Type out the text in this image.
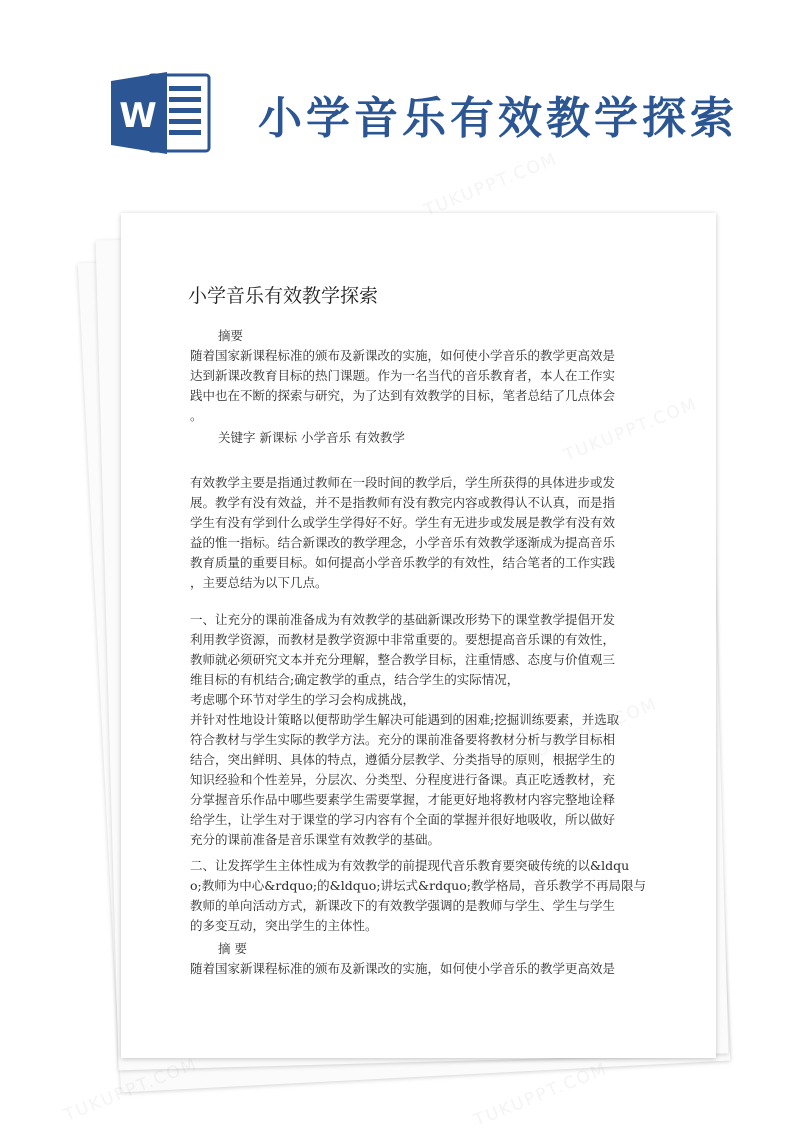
W 小学音乐有效教学探索
小学音乐有效教学探索
摘要
随着国家新课程标准的颁布及新课改的实施，如何使小学音乐的教学更高效是
达到新课改教育目标的热门课题。作为一名当代的音乐教育者，本人在工作实
践中也在不断的探索与研究，为了达到有效教学的目标，笔者总结了几点体会
。
关键字 新课标 小学音乐 有效教学
有效教学主要是指通过教师在一段时间的教学后，学生所获得的具体进步或发
展。教学有没有效益，并不是指教师有没有教完内容或教得认不认真，而是指
学生有没有学到什么或学生学得好不好。学生有无进步或发展是教学有没有效
益的惟一指标。结合新课改的教学理念，小学音乐有效教学逐渐成为提高音乐
教育质量的重要目标。如何提高小学音乐教学的有效性，结合笔者的工作实践
，主要总结为以下几点。
一、让充分的课前准备成为有效教学的基础新课改形势下的课堂教学提倡开发
利用教学资源，而教材是教学资源中非常重要的。要想提高音乐课的有效性，
教师就必须研究文本并充分理解，整合教学目标，注重情感、态度与价值观三
维目标的有机结合;确定教学的重点，结合学生的实际情况，
考虑哪个环节对学生的学习会构成挑战，
并针对性地设计策略以便帮助学生解决可能遇到的困难;挖掘训练要素，并选取
符合教材与学生实际的教学方法。充分的课前准备要将教材分析与教学目标相
结合，突出鲜明、具体的特点，遵循分层教学、分类指导的原则，根据学生的
知识经验和个性差异，分层次、分类型、分程度进行备课。真正吃透教材，充
分掌握音乐作品中哪些要素学生需要掌握，才能更好地将教材内容完整地诠释
给学生，让学生对于课堂的学习内容有个全面的掌握并很好地吸收，所以做好
充分的课前准备是音乐课堂有效教学的基础。
二、让发挥学生主体性成为有效教学的前提现代音乐教育要突破传统的以&ldqu
o;教师为中心&rdquo;的&ldquo;讲坛式&rdquo;教学格局，音乐教学不再局限与
教师的单向活动方式，新课改下的有效教学强调的是教师与学生、学生与学生
的多变互动，突出学生的主体性。
摘 要
随着国家新课程标准的颁布及新课改的实施，如何使小学音乐的教学更高效是
TUKUPPT.COM
TUKUPPT.COM
